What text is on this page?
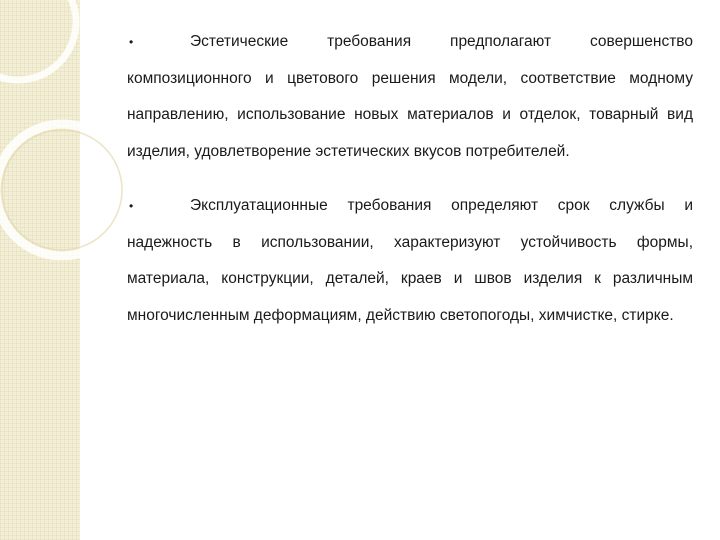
•	Эстетические требования предполагают совершенство композиционного и цветового решения модели, соответствие модному направлению, использование новых материалов и отделок, товарный вид изделия, удовлетворение эстетических вкусов потребителей.
•	Эксплуатационные требования определяют срок службы и надежность в использовании, характеризуют устойчивость формы, материала, конструкции, деталей, краев и швов изделия к различным многочисленным деформациям, действию светопогоды, химчистке, стирке.
